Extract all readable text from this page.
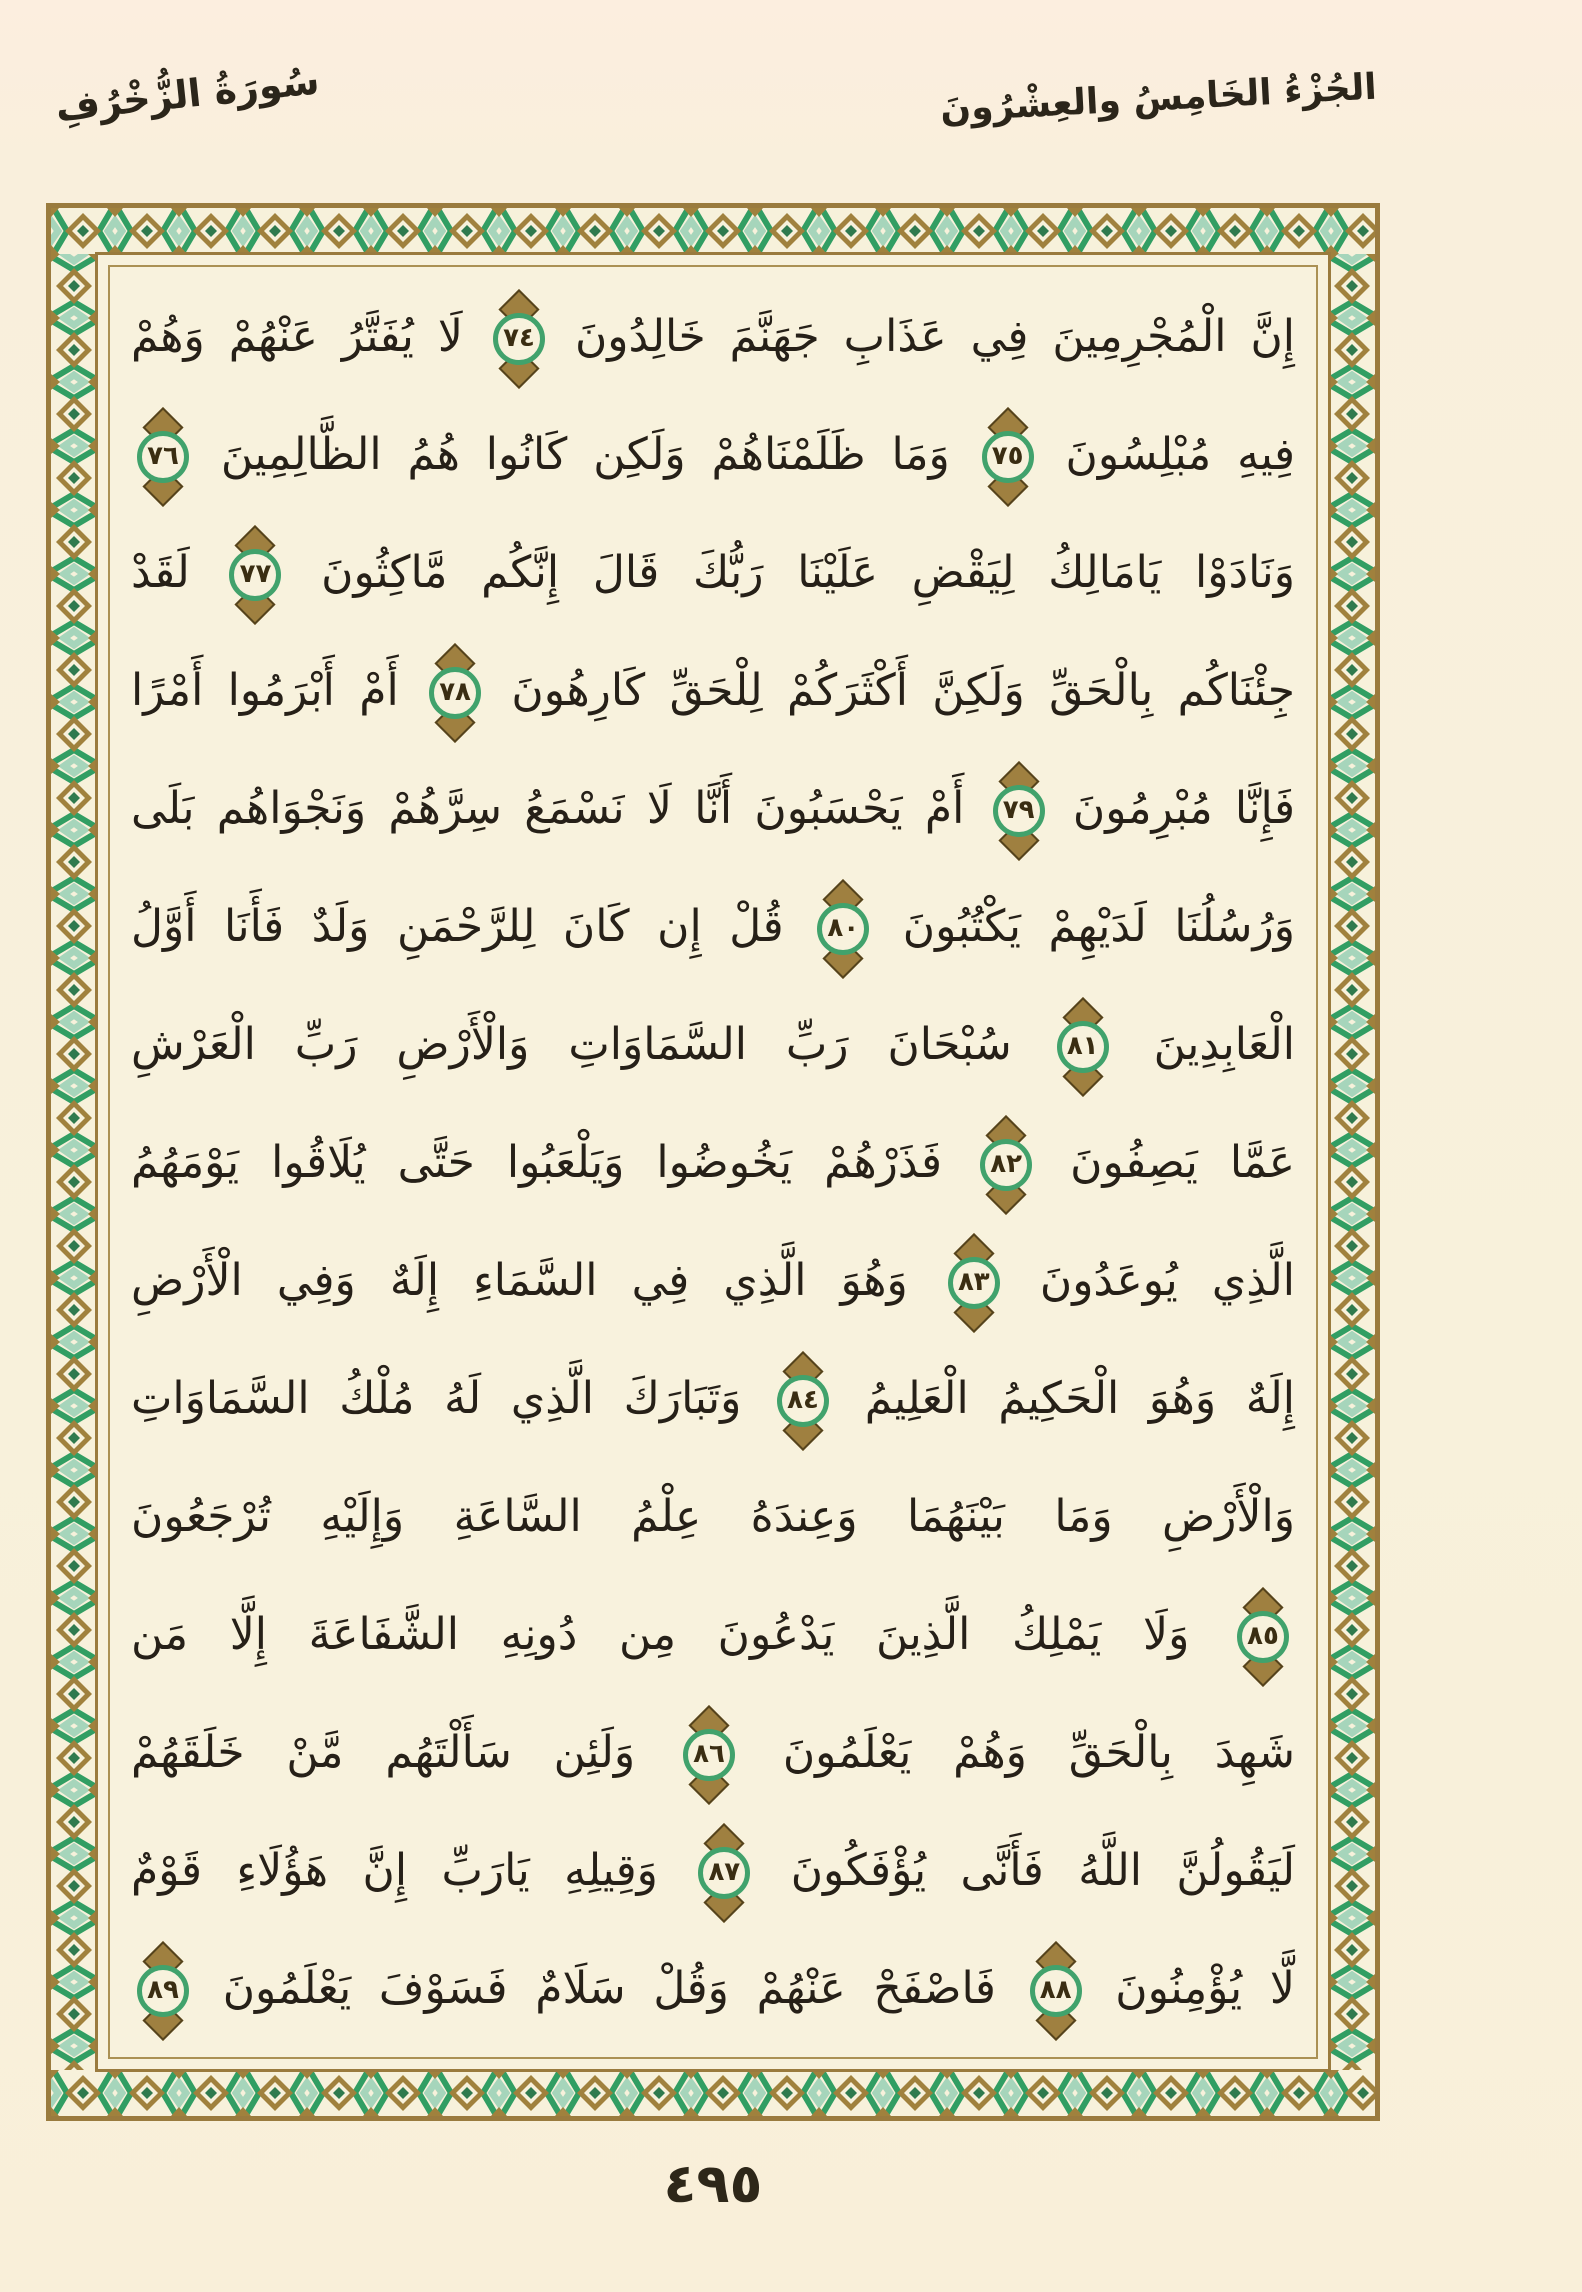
سُورَةُ الزُّخْرُفِ	الجُزْءُ الخَامِسُ والعِشْرُونَ
إِنَّ الْمُجْرِمِينَ فِي عَذَابِ جَهَنَّمَ خَالِدُونَ
٧٤
لَا يُفَتَّرُ عَنْهُمْ وَهُمْ
فِيهِ مُبْلِسُونَ
٧٥
وَمَا ظَلَمْنَاهُمْ وَلَكِن كَانُوا هُمُ الظَّالِمِينَ
٧٦
وَنَادَوْا يَامَالِكُ لِيَقْضِ عَلَيْنَا رَبُّكَ قَالَ إِنَّكُم مَّاكِثُونَ
٧٧
لَقَدْ
جِئْنَاكُم بِالْحَقِّ وَلَكِنَّ أَكْثَرَكُمْ لِلْحَقِّ كَارِهُونَ
٧٨
أَمْ أَبْرَمُوا أَمْرًا
فَإِنَّا مُبْرِمُونَ
٧٩
أَمْ يَحْسَبُونَ أَنَّا لَا نَسْمَعُ سِرَّهُمْ وَنَجْوَاهُم بَلَى
وَرُسُلُنَا لَدَيْهِمْ يَكْتُبُونَ
٨٠
قُلْ إِن كَانَ لِلرَّحْمَنِ وَلَدٌ فَأَنَا أَوَّلُ
الْعَابِدِينَ
٨١
سُبْحَانَ رَبِّ السَّمَاوَاتِ وَالْأَرْضِ رَبِّ الْعَرْشِ
عَمَّا يَصِفُونَ
٨٢
فَذَرْهُمْ يَخُوضُوا وَيَلْعَبُوا حَتَّى يُلَاقُوا يَوْمَهُمُ
الَّذِي يُوعَدُونَ
٨٣
وَهُوَ الَّذِي فِي السَّمَاءِ إِلَهٌ وَفِي الْأَرْضِ
إِلَهٌ وَهُوَ الْحَكِيمُ الْعَلِيمُ
٨٤
وَتَبَارَكَ الَّذِي لَهُ مُلْكُ السَّمَاوَاتِ
وَالْأَرْضِ وَمَا بَيْنَهُمَا وَعِندَهُ عِلْمُ السَّاعَةِ وَإِلَيْهِ تُرْجَعُونَ
٨٥
وَلَا يَمْلِكُ الَّذِينَ يَدْعُونَ مِن دُونِهِ الشَّفَاعَةَ إِلَّا مَن
شَهِدَ بِالْحَقِّ وَهُمْ يَعْلَمُونَ
٨٦
وَلَئِن سَأَلْتَهُم مَّنْ خَلَقَهُمْ
لَيَقُولُنَّ اللَّهُ فَأَنَّى يُؤْفَكُونَ
٨٧
وَقِيلِهِ يَارَبِّ إِنَّ هَؤُلَاءِ قَوْمٌ
لَّا يُؤْمِنُونَ
٨٨
فَاصْفَحْ عَنْهُمْ وَقُلْ سَلَامٌ فَسَوْفَ يَعْلَمُونَ
٨٩
٤٩٥
